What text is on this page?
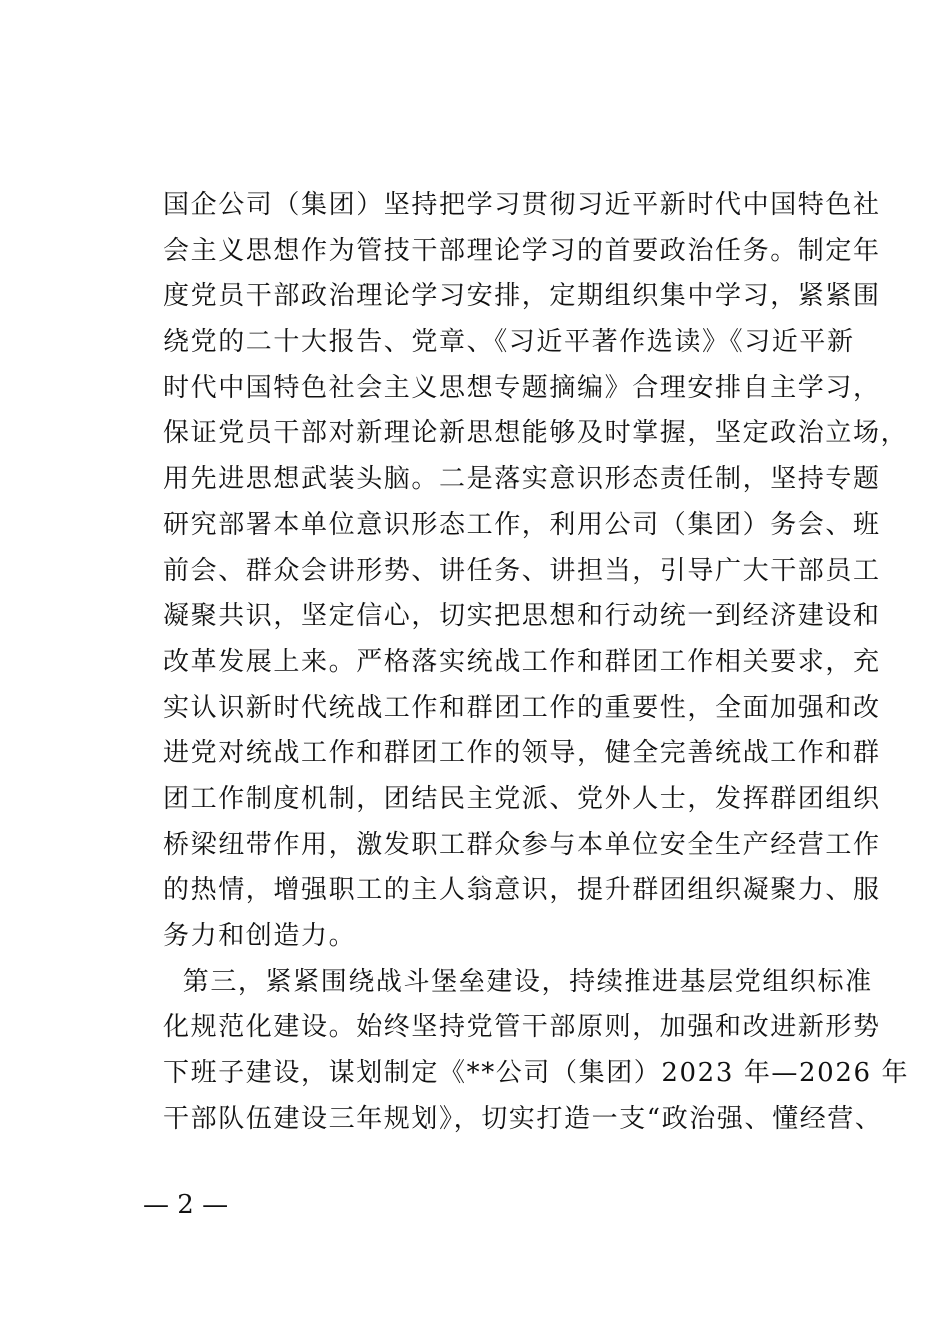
国企公司（集团）坚持把学习贯彻习近平新时代中国特色社
会主义思想作为管技干部理论学习的首要政治任务。制定年
度党员干部政治理论学习安排，定期组织集中学习，紧紧围
绕党的二十大报告、党章、《习近平著作选读》《习近平新
时代中国特色社会主义思想专题摘编》合理安排自主学习，
保证党员干部对新理论新思想能够及时掌握，坚定政治立场，
用先进思想武装头脑。二是落实意识形态责任制，坚持专题
研究部署本单位意识形态工作，利用公司（集团）务会、班
前会、群众会讲形势、讲任务、讲担当，引导广大干部员工
凝聚共识，坚定信心，切实把思想和行动统一到经济建设和
改革发展上来。严格落实统战工作和群团工作相关要求，充
实认识新时代统战工作和群团工作的重要性，全面加强和改
进党对统战工作和群团工作的领导，健全完善统战工作和群
团工作制度机制，团结民主党派、党外人士，发挥群团组织
桥梁纽带作用，激发职工群众参与本单位安全生产经营工作
的热情，增强职工的主人翁意识，提升群团组织凝聚力、服
务力和创造力。
第三，紧紧围绕战斗堡垒建设，持续推进基层党组织标准
化规范化建设。始终坚持党管干部原则，加强和改进新形势
下班子建设，谋划制定《**公司（集团）2023 年—2026 年
干部队伍建设三年规划》，切实打造一支“政治强、懂经营、
— 2 —
